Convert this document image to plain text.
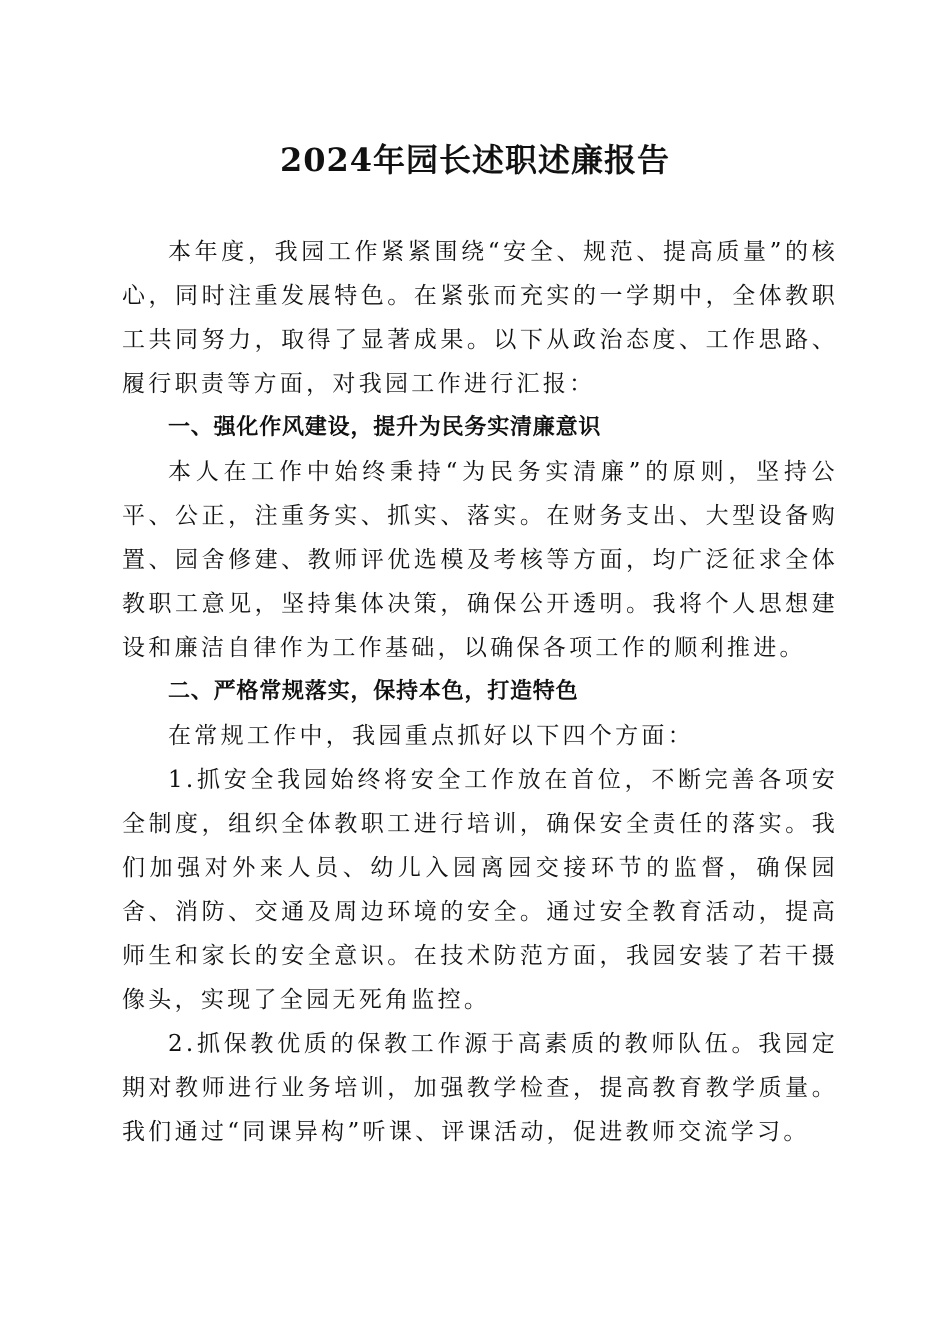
2024年园长述职述廉报告

本年度，我园工作紧紧围绕“安全、规范、提高质量”的核心，同时注重发展特色。在紧张而充实的一学期中，全体教职工共同努力，取得了显著成果。以下从政治态度、工作思路、履行职责等方面，对我园工作进行汇报：

一、强化作风建设，提升为民务实清廉意识

本人在工作中始终秉持“为民务实清廉”的原则，坚持公平、公正，注重务实、抓实、落实。在财务支出、大型设备购置、园舍修建、教师评优选模及考核等方面，均广泛征求全体教职工意见，坚持集体决策，确保公开透明。我将个人思想建设和廉洁自律作为工作基础，以确保各项工作的顺利推进。

二、严格常规落实，保持本色，打造特色

在常规工作中，我园重点抓好以下四个方面：

1.抓安全我园始终将安全工作放在首位，不断完善各项安全制度，组织全体教职工进行培训，确保安全责任的落实。我们加强对外来人员、幼儿入园离园交接环节的监督，确保园舍、消防、交通及周边环境的安全。通过安全教育活动，提高师生和家长的安全意识。在技术防范方面，我园安装了若干摄像头，实现了全园无死角监控。

2.抓保教优质的保教工作源于高素质的教师队伍。我园定期对教师进行业务培训，加强教学检查，提高教育教学质量。我们通过“同课异构”听课、评课活动，促进教师交流学习。
